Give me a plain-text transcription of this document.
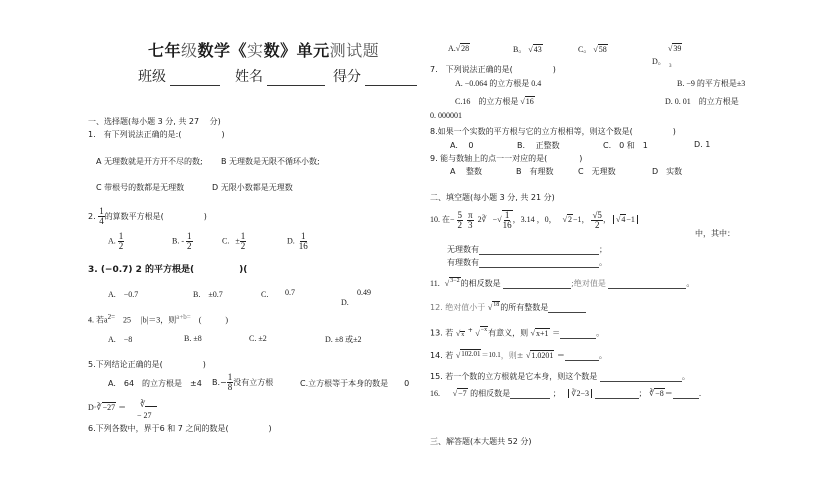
七年级数学《实数》单元测试题
班级	姓名	得分
一、选择题(每小题 3 分, 共 27 　分)
1.　有下列说法正确的是:(　　　　　)
A 无理数就是开方开不尽的数; B 无理数是无限不循环小数;
C 带根号的数都是无理数	D 无限小数都是无理数
2. $\frac{1}{4}$ 的算数平方根是(　　　　　)
A. $\frac{1}{2}$	B. - $\frac{1}{2}$	C. ± $\frac{1}{2}$	D. $\frac{1}{16}$
3. (−0.7) 2 的平方根是(　　　　　)(
A.　−0.7	B.　±0.7	C. 0.7	0.49
D.
4. 若$a^{2=}$　25　 |b|＝3，则$^{a+b=}$　(　　　)
A.　−8	B. ±8	C. ±2	D. ±8 或±2
5.下列结论正确的是(　　　　　)
A.　64　的立方根是　±4 $B.- \frac{1}{8}$ 没有立方根	C.立方根等于本身的数是　　0
D·∛−27 ＝ ∛
− 27
6.下列各数中，界于6 和 7 之间的数是(　　　　　)
A.√28	B。 √43	C。 √58	√39
D。
3
7.　下列说法正确的是(　　　　　)
A. −0.064 的立方根是 0.4	B. −9 的平方根是±3
C.16　的立方根是 √16	D. 0. 01　的立方根是
0. 000001
8.如果一个实数的平方根与它的立方根相等，则这个数是(　　　　　)
A.　 0	B.　 正整数	C.　0 和　1	D. 1
9. 能与数轴上的点一一对应的是(　　　　)
A　 整数	B　有理数	C　无理数	D　实数
二、填空题(每小题 3 分, 共 21 分)
10. 在− $\frac{5}{2}$
$\frac{\pi}{3}$ 2∛ −√ $\frac{1}{16}$ ，3.14 ，0， √2−1， $\frac{√5}{2}$ ， √4−1
中，其中：
无理数有	；
有理数有	。
11. √$^{3-2}$的相反数是	;绝对值是	。
12. 绝对值小于 √$^{18}$的所有整数是
13. 若 √x + √$^{-x}$有意义，则 √x+1 ＝	。
14. 若 √102.01＝10.1，则± √1.0201 ＝	。
15. 若一个数的立方根就是它本身，则这个数是	。
16. √−7 的相反数是	； ∛2−3	； ∛−8＝	.
三、解答题(本大题共 52 分)
